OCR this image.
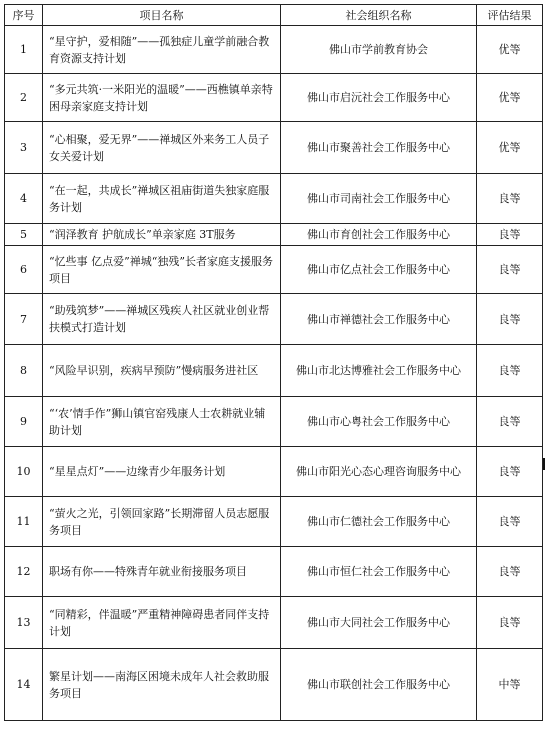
序号	项目名称	社会组织名称	评估结果
1	“星守护，爱相随”——孤独症儿童学前融合教育资源支持计划	佛山市学前教育协会	优等
2	“多元共筑·一米阳光的温暖”——西樵镇单亲特困母亲家庭支持计划	佛山市启沅社会工作服务中心	优等
3	“心相聚，爱无界”——禅城区外来务工人员子女关爱计划	佛山市聚善社会工作服务中心	优等
4	“在一起，共成长”禅城区祖庙街道失独家庭服务计划	佛山市司南社会工作服务中心	良等
5	“润泽教育 护航成长”单亲家庭 3T服务	佛山市育创社会工作服务中心	良等
6	“忆些事 亿点爱”禅城“独残”长者家庭支援服务项目	佛山市亿点社会工作服务中心	良等
7	“助残筑梦”——禅城区残疾人社区就业创业帮扶模式打造计划	佛山市禅德社会工作服务中心	良等
8	“风险早识别，疾病早预防”慢病服务进社区	佛山市北达博雅社会工作服务中心	良等
9	“‘农’情手作”狮山镇官窑残康人士农耕就业辅助计划	佛山市心粤社会工作服务中心	良等
10	“星星点灯”——边缘青少年服务计划	佛山市阳光心态心理咨询服务中心	良等
11	“萤火之光，引领回家路”长期滞留人员志愿服务项目	佛山市仁德社会工作服务中心	良等
12	职场有你——特殊青年就业衔接服务项目	佛山市恒仁社会工作服务中心	良等
13	“同精彩，伴温暖”严重精神障碍患者同伴支持计划	佛山市大同社会工作服务中心	良等
14	繁星计划——南海区困境未成年人社会救助服务项目	佛山市联创社会工作服务中心	中等
